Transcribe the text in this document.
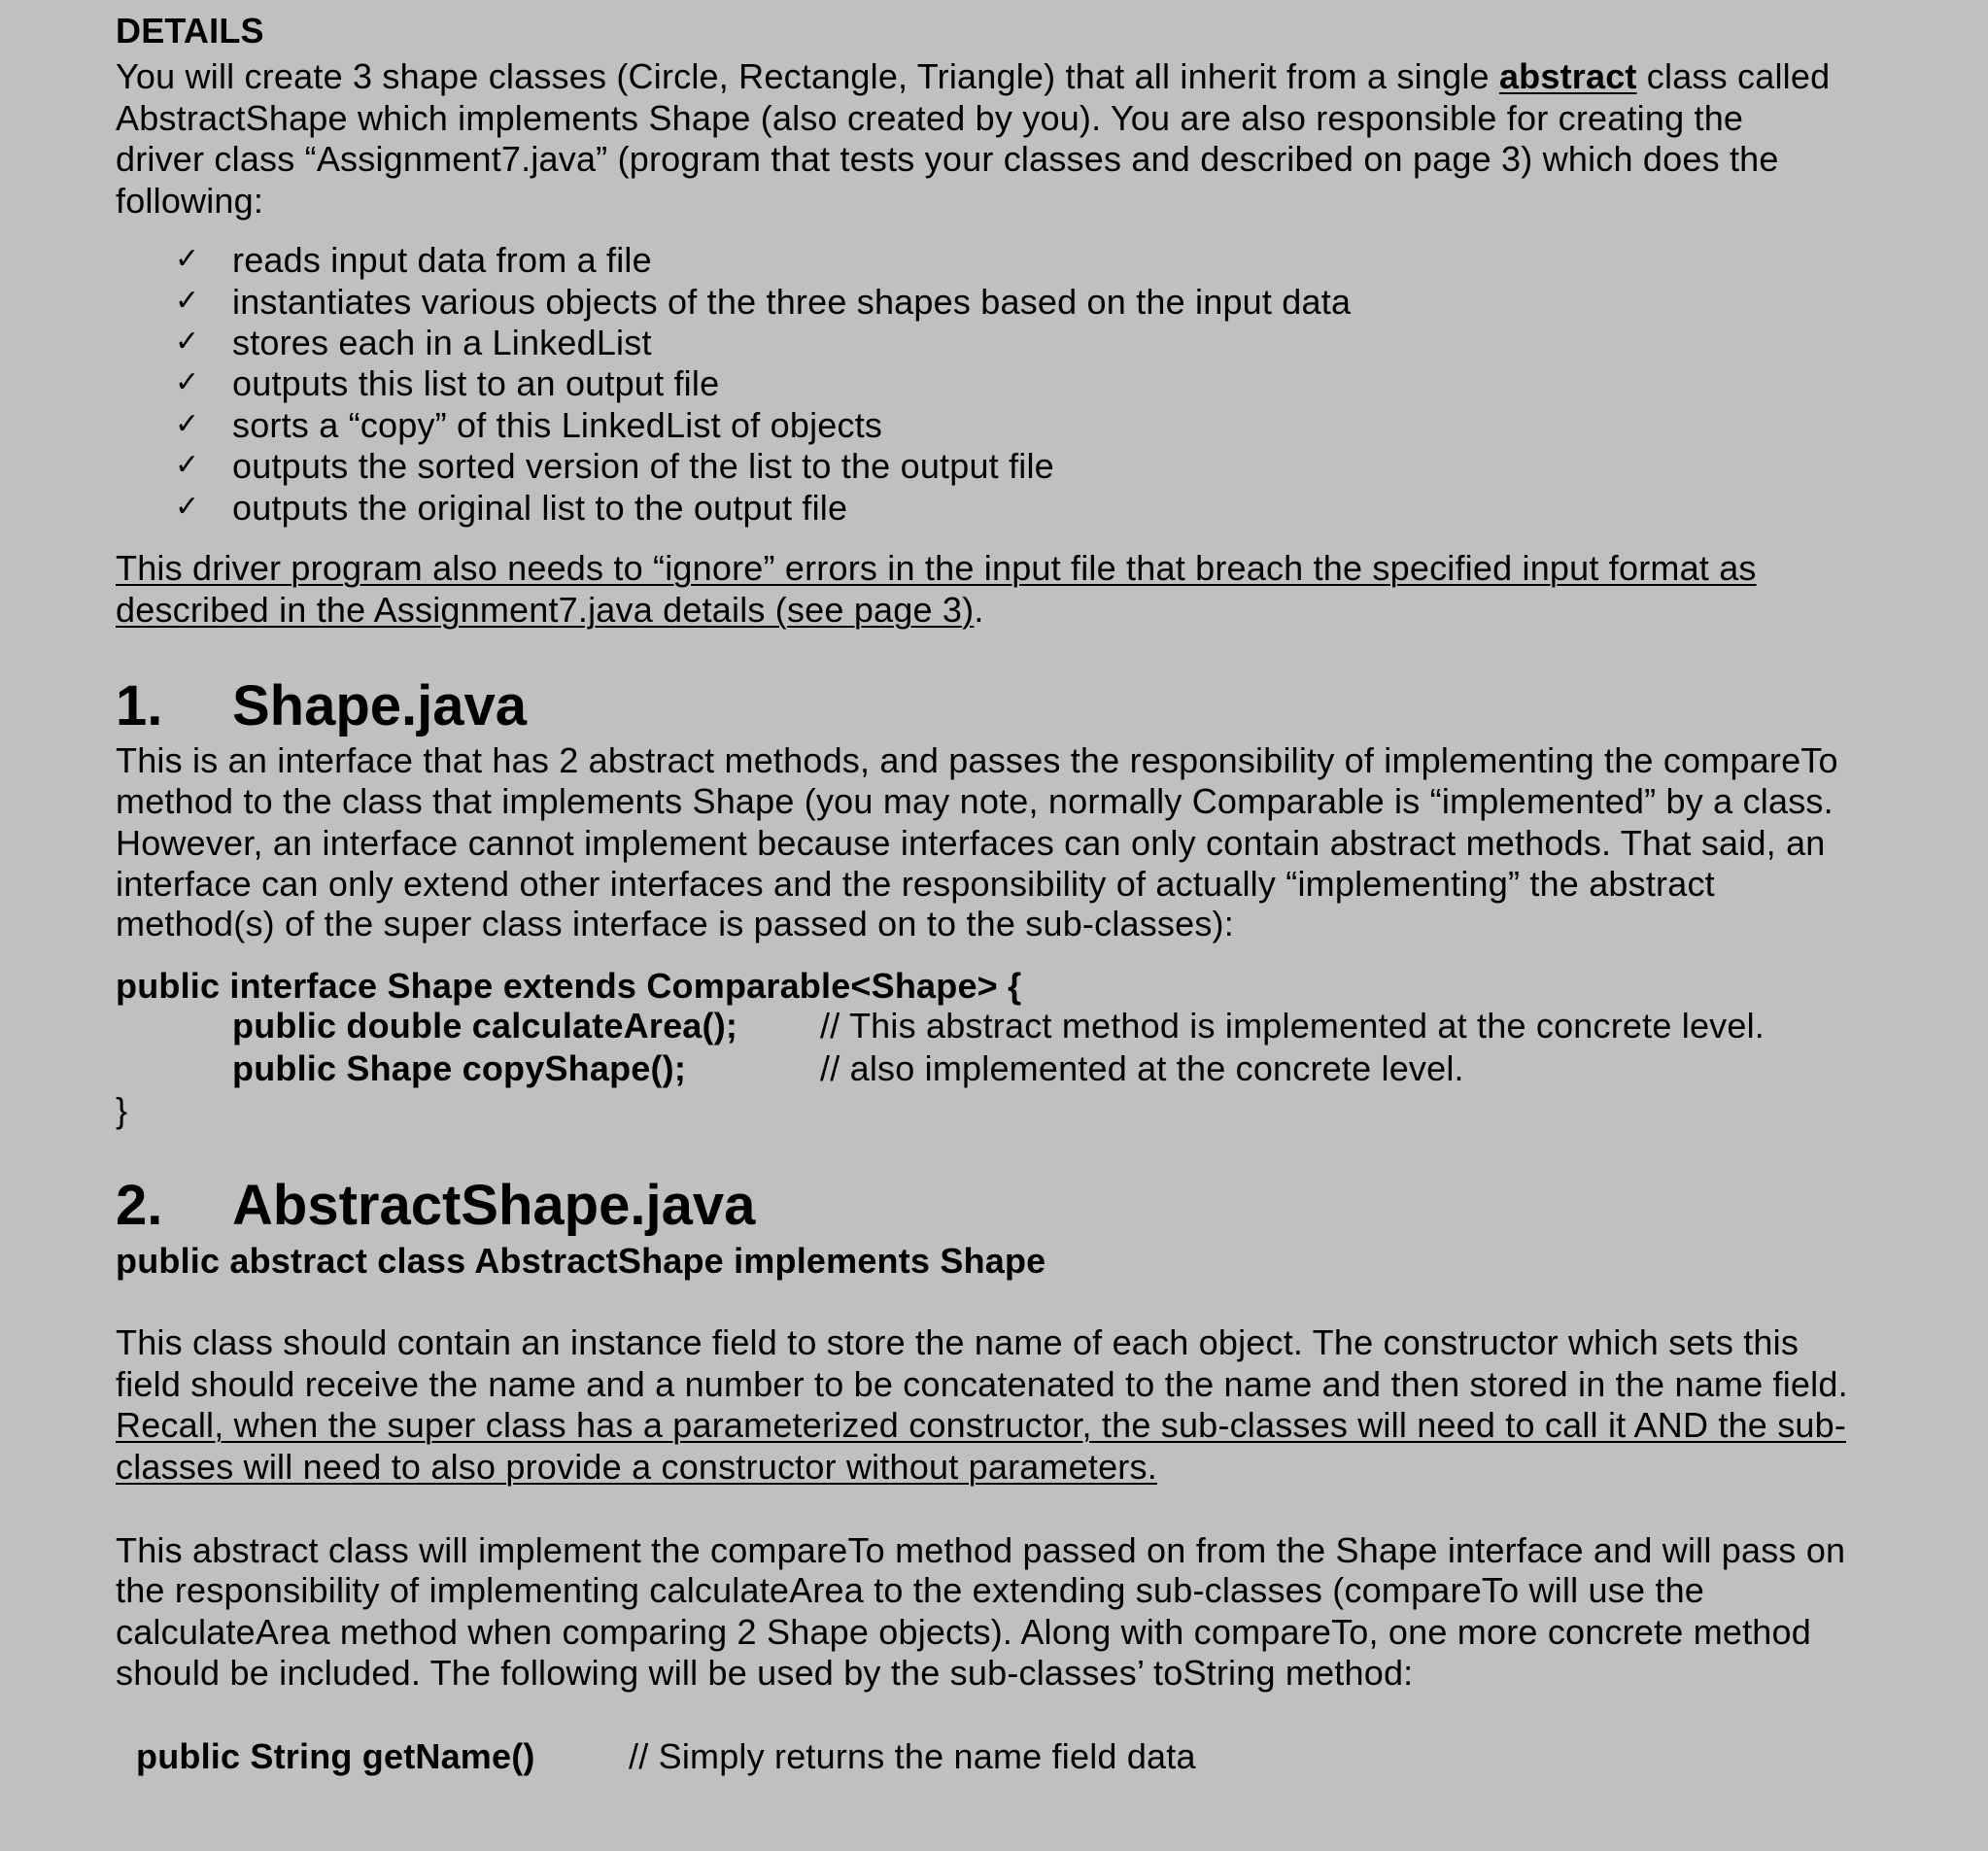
DETAILS
You will create 3 shape classes (Circle, Rectangle, Triangle) that all inherit from a single abstract class called
AbstractShape which implements Shape (also created by you). You are also responsible for creating the
driver class “Assignment7.java” (program that tests your classes and described on page 3) which does the
following:
✓ reads input data from a file
✓ instantiates various objects of the three shapes based on the input data
✓ stores each in a LinkedList
✓ outputs this list to an output file
✓ sorts a “copy” of this LinkedList of objects
✓ outputs the sorted version of the list to the output file
✓ outputs the original list to the output file
This driver program also needs to “ignore” errors in the input file that breach the specified input format as
described in the Assignment7.java details (see page 3).
1. Shape.java
This is an interface that has 2 abstract methods, and passes the responsibility of implementing the compareTo
method to the class that implements Shape (you may note, normally Comparable is “implemented” by a class.
However, an interface cannot implement because interfaces can only contain abstract methods. That said, an
interface can only extend other interfaces and the responsibility of actually “implementing” the abstract
method(s) of the super class interface is passed on to the sub-classes):
public interface Shape extends Comparable<Shape> {
public double calculateArea(); // This abstract method is implemented at the concrete level.
public Shape copyShape();	// also implemented at the concrete level.
}
2. AbstractShape.java
public abstract class AbstractShape implements Shape
This class should contain an instance field to store the name of each object. The constructor which sets this
field should receive the name and a number to be concatenated to the name and then stored in the name field.
Recall, when the super class has a parameterized constructor, the sub-classes will need to call it AND the sub-
classes will need to also provide a constructor without parameters.
This abstract class will implement the compareTo method passed on from the Shape interface and will pass on
the responsibility of implementing calculateArea to the extending sub-classes (compareTo will use the
calculateArea method when comparing 2 Shape objects). Along with compareTo, one more concrete method
should be included. The following will be used by the sub-classes’ toString method:
public String getName()	// Simply returns the name field data
